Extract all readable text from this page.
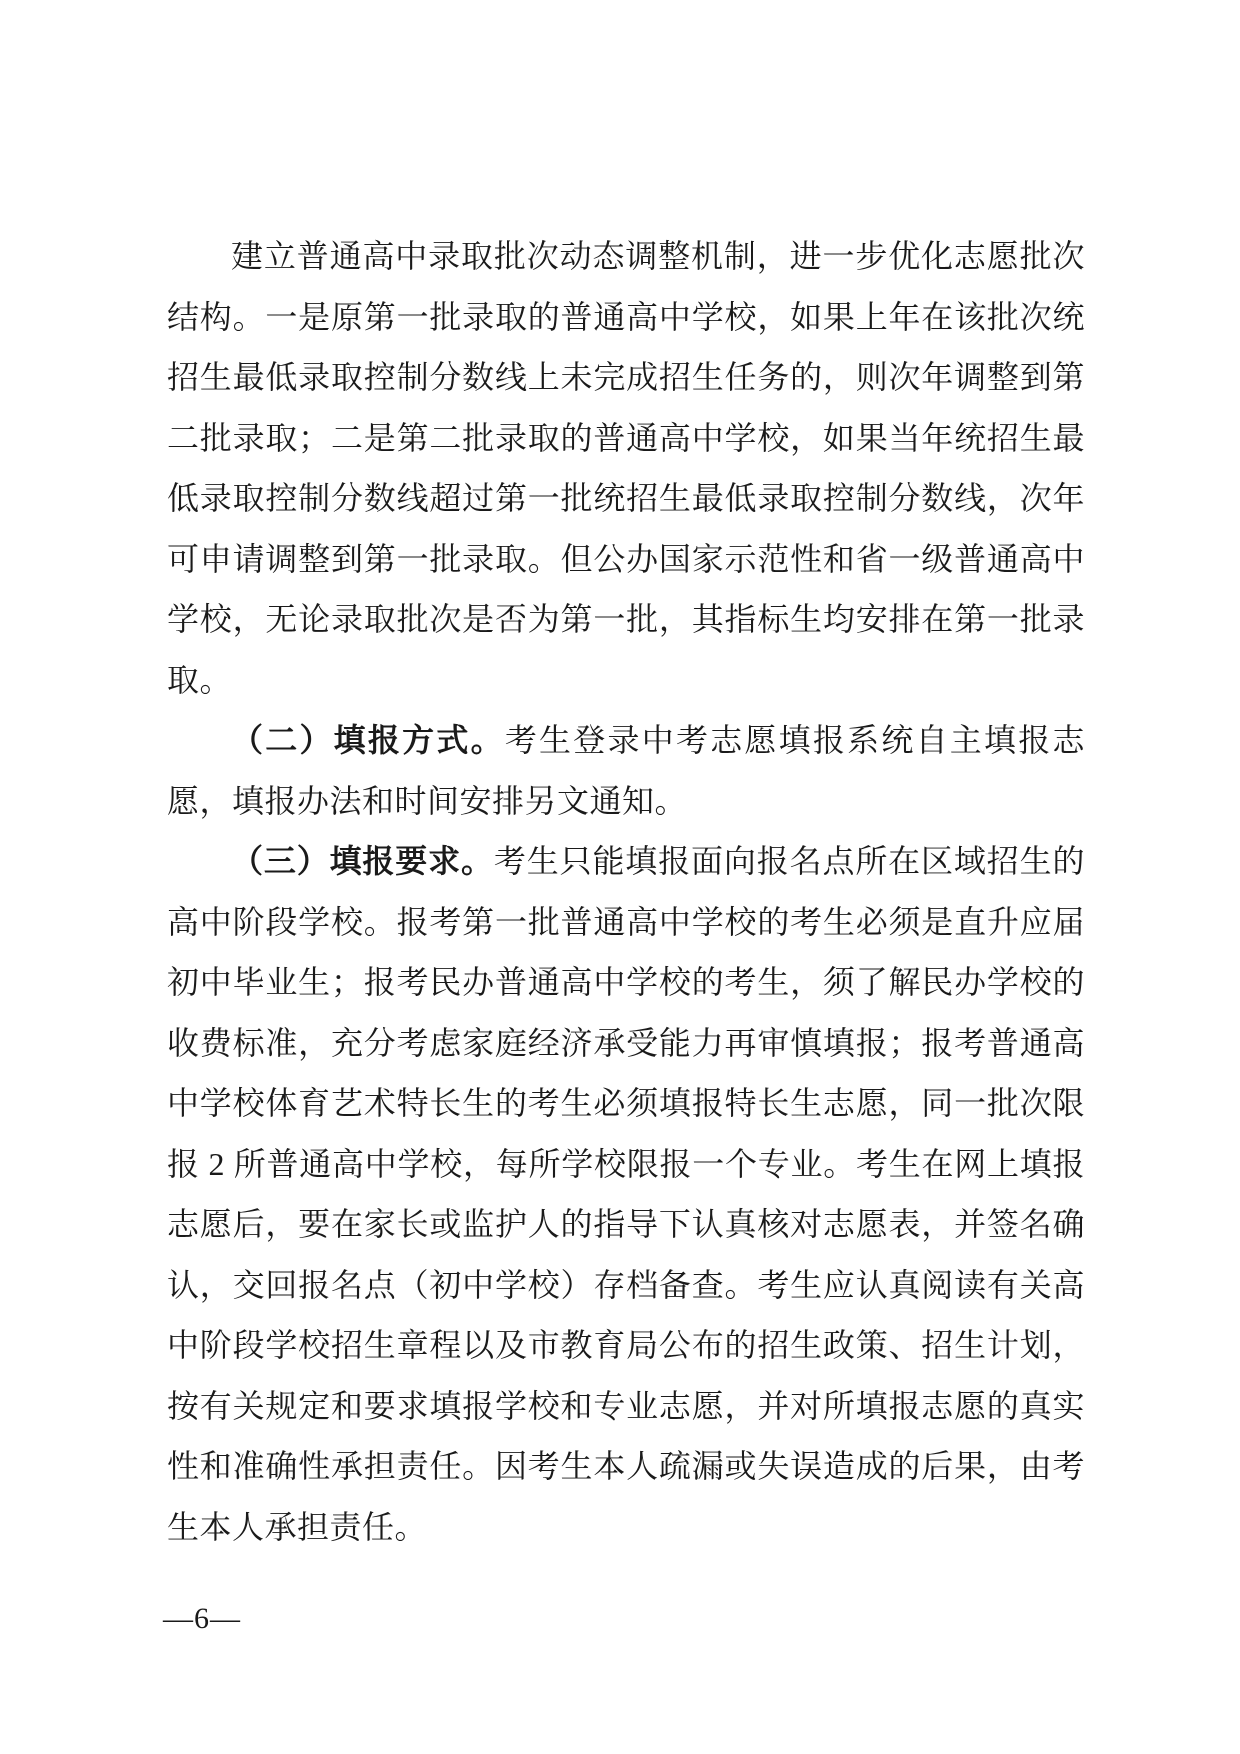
建立普通高中录取批次动态调整机制，进一步优化志愿批次结构。一是原第一批录取的普通高中学校，如果上年在该批次统招生最低录取控制分数线上未完成招生任务的，则次年调整到第二批录取；二是第二批录取的普通高中学校，如果当年统招生最低录取控制分数线超过第一批统招生最低录取控制分数线，次年可申请调整到第一批录取。但公办国家示范性和省一级普通高中学校，无论录取批次是否为第一批，其指标生均安排在第一批录取。

（二）填报方式。考生登录中考志愿填报系统自主填报志愿，填报办法和时间安排另文通知。

（三）填报要求。考生只能填报面向报名点所在区域招生的高中阶段学校。报考第一批普通高中学校的考生必须是直升应届初中毕业生；报考民办普通高中学校的考生，须了解民办学校的收费标准，充分考虑家庭经济承受能力再审慎填报；报考普通高中学校体育艺术特长生的考生必须填报特长生志愿，同一批次限报 2 所普通高中学校，每所学校限报一个专业。考生在网上填报志愿后，要在家长或监护人的指导下认真核对志愿表，并签名确认，交回报名点（初中学校）存档备查。考生应认真阅读有关高中阶段学校招生章程以及市教育局公布的招生政策、招生计划，按有关规定和要求填报学校和专业志愿，并对所填报志愿的真实性和准确性承担责任。因考生本人疏漏或失误造成的后果，由考生本人承担责任。

—6—
